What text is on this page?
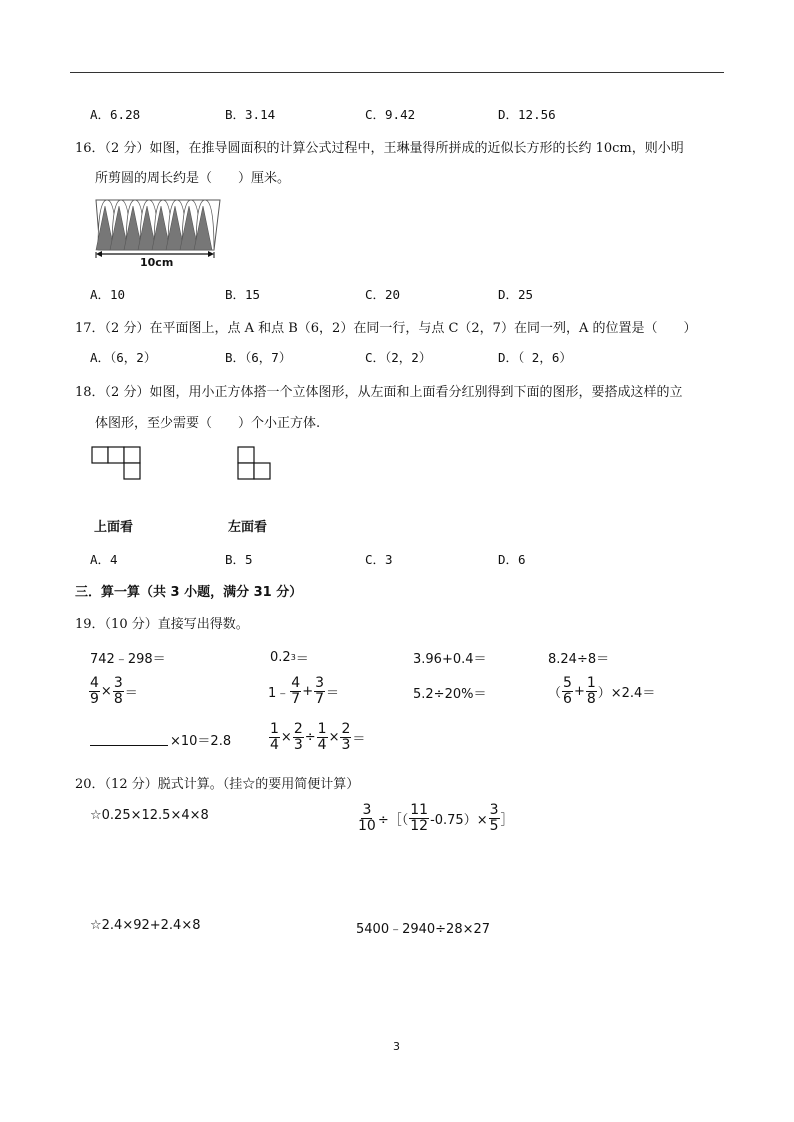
A．6.28	B．3.14	C．9.42	D．12.56
16．（2 分）如图，在推导圆面积的计算公式过程中，王琳量得所拼成的近似长方形的长约 10cm，则小明
所剪圆的周长约是（　　）厘米。
10cm
A．10	B．15	C．20	D．25
17．（2 分）在平面图上，点 A 和点 B（6，2）在同一行，与点 C（2，7）在同一列，A 的位置是（　　）
A．（6，2）	B．（6，7）	C．（2，2）	D．（ 2，6）
18．（2 分）如图，用小正方体搭一个立体图形，从左面和上面看分红别得到下面的图形，要搭成这样的立
体图形，至少需要（　　）个小正方体.
上面看	左面看
A．4	B．5	C．3	D．6
三．算一算（共 3 小题，满分 31 分）
19．（10 分）直接写出得数。
742﹣298＝	0.2 3 ＝	3.96+0.4＝	8.24÷8＝
$\frac{4}{9} \times \frac{3}{8}$ ＝	1﹣ $\frac{4}{7} + \frac{3}{7}$ ＝	5.2÷20%＝	（ $\frac{5}{6} + \frac{1}{8} )\times 2.4=$
×10＝2.8	$\frac{1}{4} \times \frac{2}{3} \div \frac{1}{4} \times \frac{2}{3}$ ＝
20．（12 分）脱式计算。（挂☆的要用简便计算）
☆0.25×12.5×4×8	$\frac{3}{10}$ ÷［（ $\frac{11}{12} -0.75)\times \frac{3}{5}$ ］
☆2.4×92+2.4×8	5400﹣2940÷28×27
3
